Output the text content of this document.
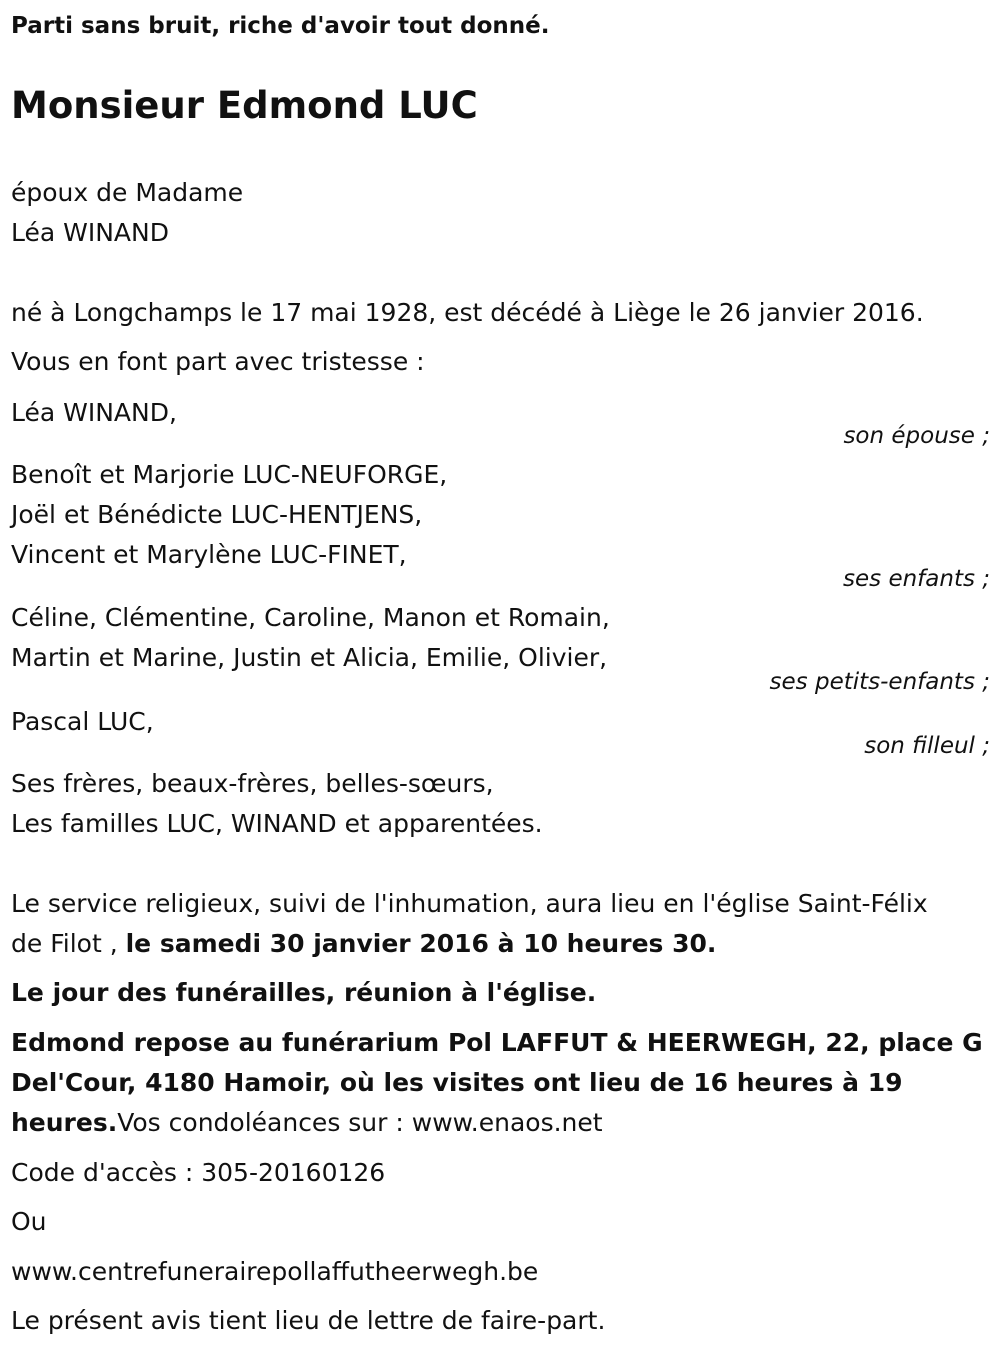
Parti sans bruit, riche d'avoir tout donné.
Monsieur Edmond LUC
époux de Madame
Léa WINAND
né à Longchamps le 17 mai 1928, est décédé à Liège le 26 janvier 2016.
Vous en font part avec tristesse :
Léa WINAND,
son épouse ;
Benoît et Marjorie LUC-NEUFORGE,
Joël et Bénédicte LUC-HENTJENS,
Vincent et Marylène LUC-FINET,
ses enfants ;
Céline, Clémentine, Caroline, Manon et Romain,
Martin et Marine, Justin et Alicia, Emilie, Olivier,
ses petits-enfants ;
Pascal LUC,
son filleul ;
Ses frères, beaux-frères, belles-sœurs,
Les familles LUC, WINAND et apparentées.
Le service religieux, suivi de l'inhumation, aura lieu en l'église Saint-Félix
de Filot , le samedi 30 janvier 2016 à 10 heures 30.
Le jour des funérailles, réunion à l'église.
Edmond repose au funérarium Pol LAFFUT & HEERWEGH, 22, place G
Del'Cour, 4180 Hamoir, où les visites ont lieu de 16 heures à 19
heures.Vos condoléances sur : www.enaos.net
Code d'accès : 305-20160126
Ou
www.centrefunerairepollaffutheerwegh.be
Le présent avis tient lieu de lettre de faire-part.
